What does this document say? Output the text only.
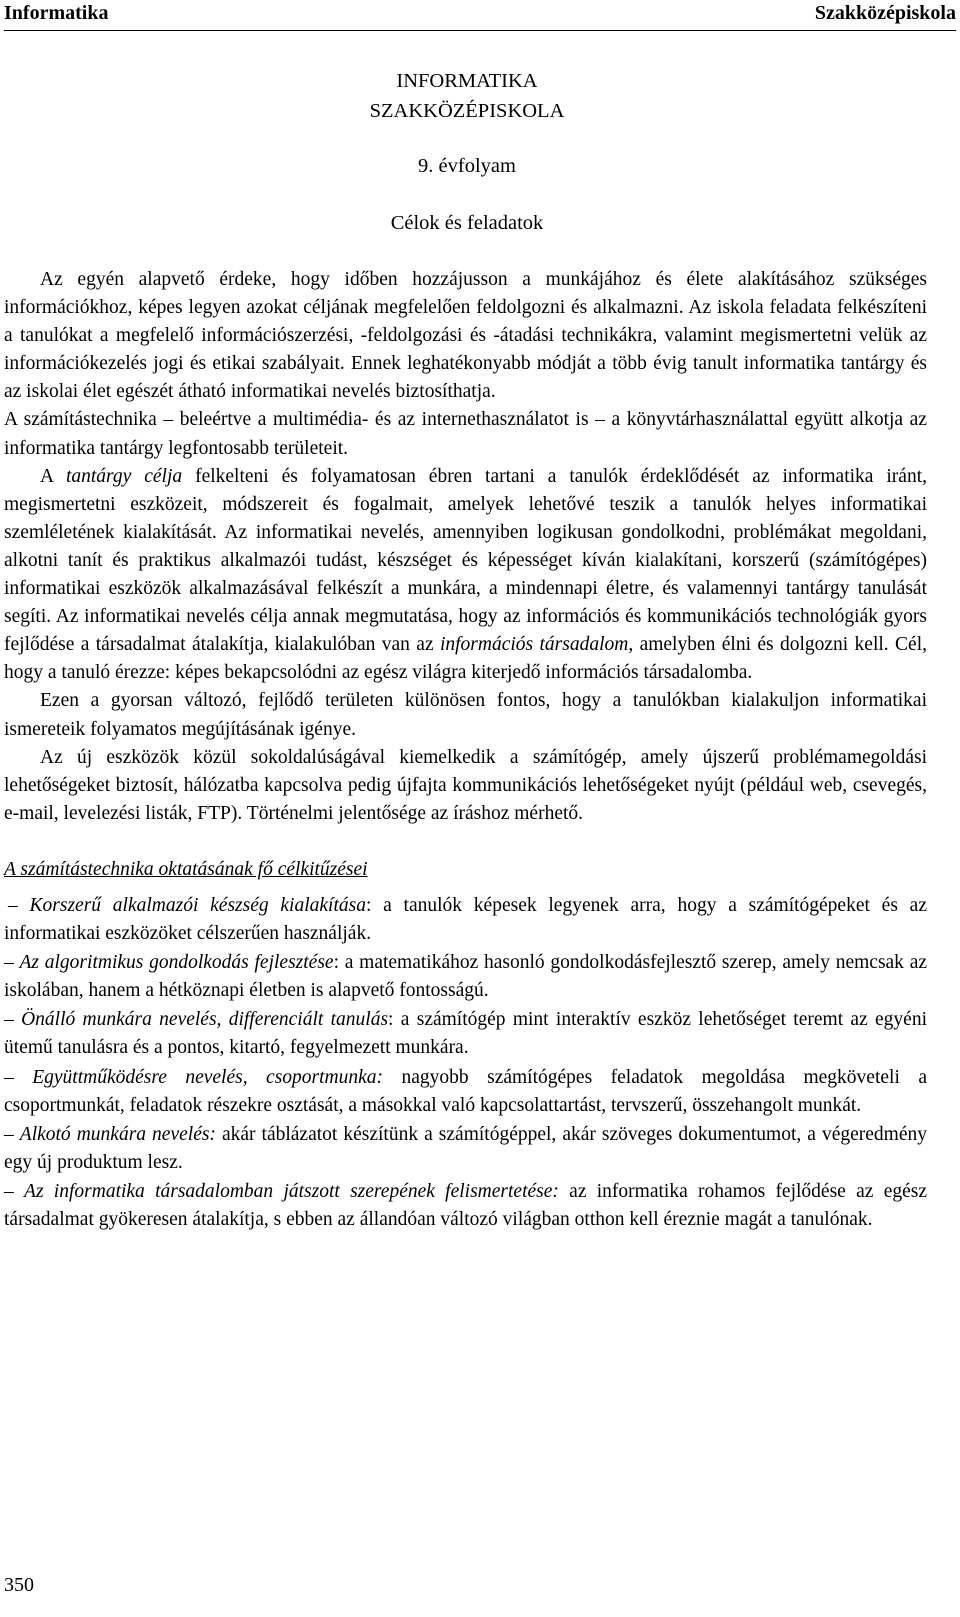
Informatika	Szakközépiskola
INFORMATIKA
SZAKKÖZÉPISKOLA
9. évfolyam
Célok és feladatok

Az egyén alapvető érdeke, hogy időben hozzájusson a munkájához és élete alakításához szükséges információkhoz, képes legyen azokat céljának megfelelően feldolgozni és alkalmazni. Az iskola feladata felkészíteni a tanulókat a megfelelő információszerzési, -feldolgozási és -átadási technikákra, valamint megismertetni velük az információkezelés jogi és etikai szabályait. Ennek leghatékonyabb módját a több évig tanult informatika tantárgy és az iskolai élet egészét átható informatikai nevelés biztosíthatja.

A számítástechnika – beleértve a multimédia- és az internethasználatot is – a könyvtárhasználattal együtt alkotja az informatika tantárgy legfontosabb területeit.

A tantárgy célja felkelteni és folyamatosan ébren tartani a tanulók érdeklődését az informatika iránt, megismertetni eszközeit, módszereit és fogalmait, amelyek lehetővé teszik a tanulók helyes informatikai szemléletének kialakítását. Az informatikai nevelés, amennyiben logikusan gondolkodni, problémákat megoldani, alkotni tanít és praktikus alkalmazói tudást, készséget és képességet kíván kialakítani, korszerű (számítógépes) informatikai eszközök alkalmazásával felkészít a munkára, a mindennapi életre, és valamennyi tantárgy tanulását segíti. Az informatikai nevelés célja annak megmutatása, hogy az információs és kommunikációs technológiák gyors fejlődése a társadalmat átalakítja, kialakulóban van az információs társadalom, amelyben élni és dolgozni kell. Cél, hogy a tanuló érezze: képes bekapcsolódni az egész világra kiterjedő információs társadalomba.

Ezen a gyorsan változó, fejlődő területen különösen fontos, hogy a tanulókban kialakuljon informatikai ismereteik folyamatos megújításának igénye.

Az új eszközök közül sokoldalúságával kiemelkedik a számítógép, amely újszerű problémamegoldási lehetőségeket biztosít, hálózatba kapcsolva pedig újfajta kommunikációs lehetőségeket nyújt (például web, csevegés, e-mail, levelezési listák, FTP). Történelmi jelentősége az íráshoz mérhető.

A számítástechnika oktatásának fő célkitűzései

– Korszerű alkalmazói készség kialakítása: a tanulók képesek legyenek arra, hogy a számítógépeket és az informatikai eszközöket célszerűen használják.

– Az algoritmikus gondolkodás fejlesztése: a matematikához hasonló gondolkodásfejlesztő szerep, amely nemcsak az iskolában, hanem a hétköznapi életben is alapvető fontosságú.

– Önálló munkára nevelés, differenciált tanulás: a számítógép mint interaktív eszköz lehetőséget teremt az egyéni ütemű tanulásra és a pontos, kitartó, fegyelmezett munkára.

– Együttműködésre nevelés, csoportmunka: nagyobb számítógépes feladatok megoldása megköveteli a csoportmunkát, feladatok részekre osztását, a másokkal való kapcsolattartást, tervszerű, összehangolt munkát.

– Alkotó munkára nevelés: akár táblázatot készítünk a számítógéppel, akár szöveges dokumentumot, a végeredmény egy új produktum lesz.

– Az informatika társadalomban játszott szerepének felismertetése: az informatika rohamos fejlődése az egész társadalmat gyökeresen átalakítja, s ebben az állandóan változó világban otthon kell éreznie magát a tanulónak.

350
